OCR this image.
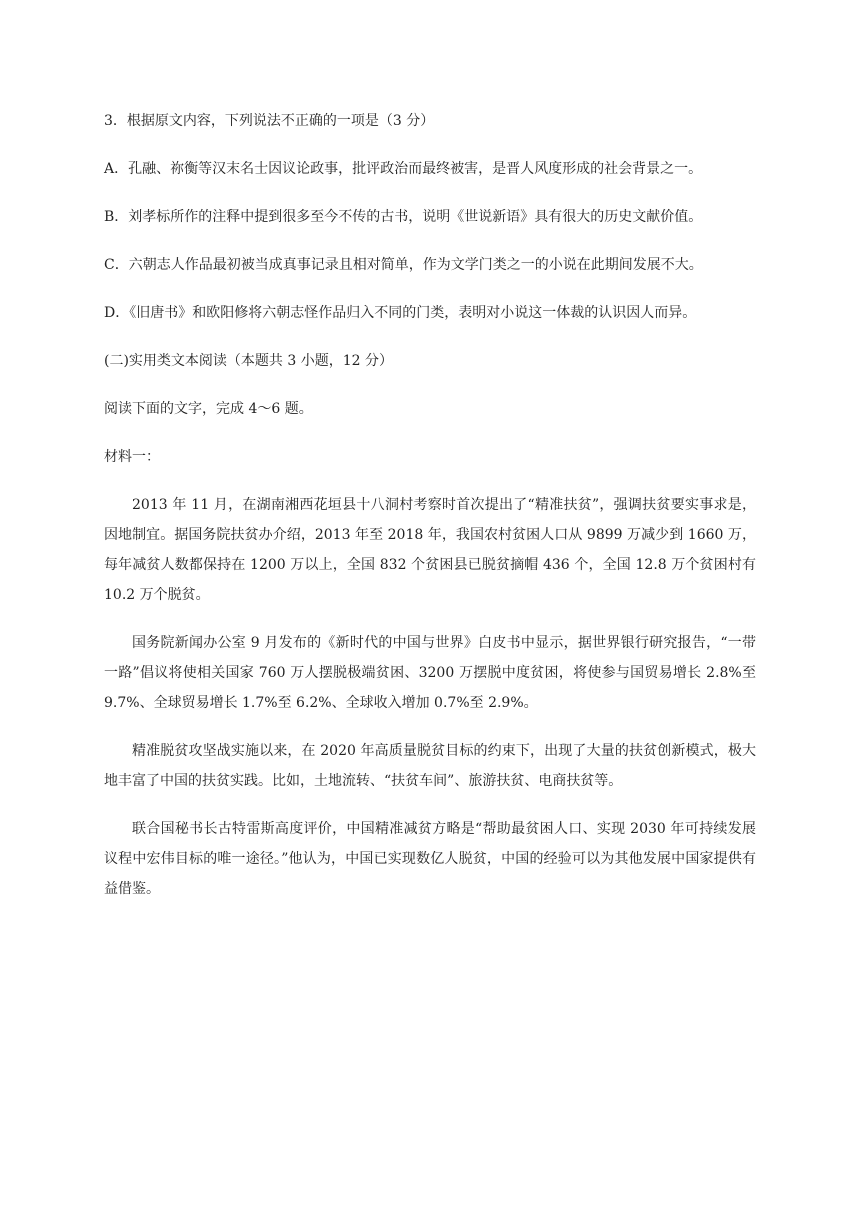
3．根据原文内容，下列说法不正确的一项是（3 分）

A．孔融、祢衡等汉末名士因议论政事，批评政治而最终被害，是晋人风度形成的社会背景之一。

B．刘孝标所作的注释中提到很多至今不传的古书，说明《世说新语》具有很大的历史文献价值。

C．六朝志人作品最初被当成真事记录且相对简单，作为文学门类之一的小说在此期间发展不大。

D．《旧唐书》和欧阳修将六朝志怪作品归入不同的门类，表明对小说这一体裁的认识因人而异。

(二)实用类文本阅读（本题共 3 小题，12 分）

阅读下面的文字，完成 4～6 题。

材料一：

2013 年 11 月，在湖南湘西花垣县十八洞村考察时首次提出了“精准扶贫”，强调扶贫要实事求是，因地制宜。据国务院扶贫办介绍，2013 年至 2018 年，我国农村贫困人口从 9899 万减少到 1660 万，每年减贫人数都保持在 1200 万以上，全国 832 个贫困县已脱贫摘帽 436 个，全国 12.8 万个贫困村有 10.2 万个脱贫。

国务院新闻办公室 9 月发布的《新时代的中国与世界》白皮书中显示，据世界银行研究报告，“一带一路”倡议将使相关国家 760 万人摆脱极端贫困、3200 万摆脱中度贫困，将使参与国贸易增长 2.8%至 9.7%、全球贸易增长 1.7%至 6.2%、全球收入增加 0.7%至 2.9%。

精准脱贫攻坚战实施以来，在 2020 年高质量脱贫目标的约束下，出现了大量的扶贫创新模式，极大地丰富了中国的扶贫实践。比如，土地流转、“扶贫车间”、旅游扶贫、电商扶贫等。

联合国秘书长古特雷斯高度评价，中国精准减贫方略是“帮助最贫困人口、实现 2030 年可持续发展议程中宏伟目标的唯一途径。”他认为，中国已实现数亿人脱贫，中国的经验可以为其他发展中国家提供有益借鉴。
